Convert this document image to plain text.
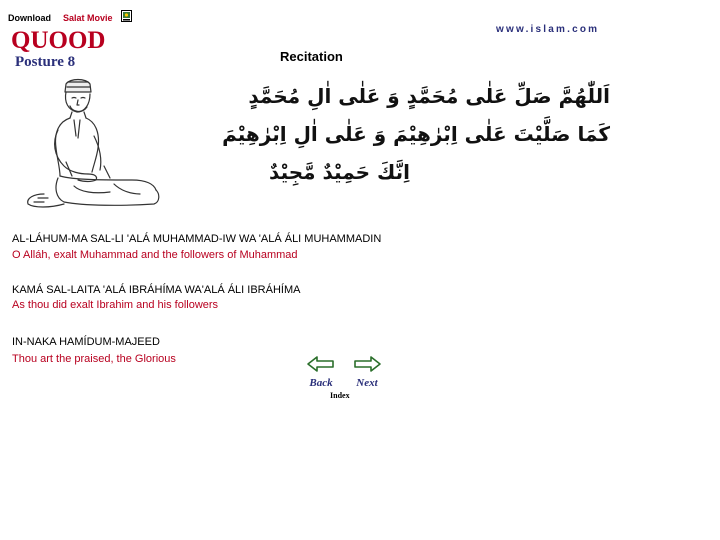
Download Salat Movie
www.islam.com
QUOOD
Posture 8	Recitation
اَللّٰهُمَّ صَلِّ عَلٰى مُحَمَّدٍ وَ عَلٰى اٰلِ مُحَمَّدٍ
كَمَا صَلَّيْتَ عَلٰى اِبْرٰهِيْمَ وَ عَلٰى اٰلِ اِبْرٰهِيْمَ
اِنَّكَ حَمِيْدٌ مَّجِيْدٌ
AL-LÁHUM-MA SAL-LI 'ALÁ MUHAMMAD-IW WA 'ALÁ ÁLI MUHAMMADIN
O Alláh, exalt Muhammad and the followers of Muhammad
KAMÁ SAL-LAITA 'ALÁ IBRÁHÍMA WA'ALÁ ÁLI IBRÁHÍMA
As thou did exalt Ibrahim and his followers
IN-NAKA HAMÍDUM-MAJEED
Thou art the praised, the Glorious
Back	Next
Index
